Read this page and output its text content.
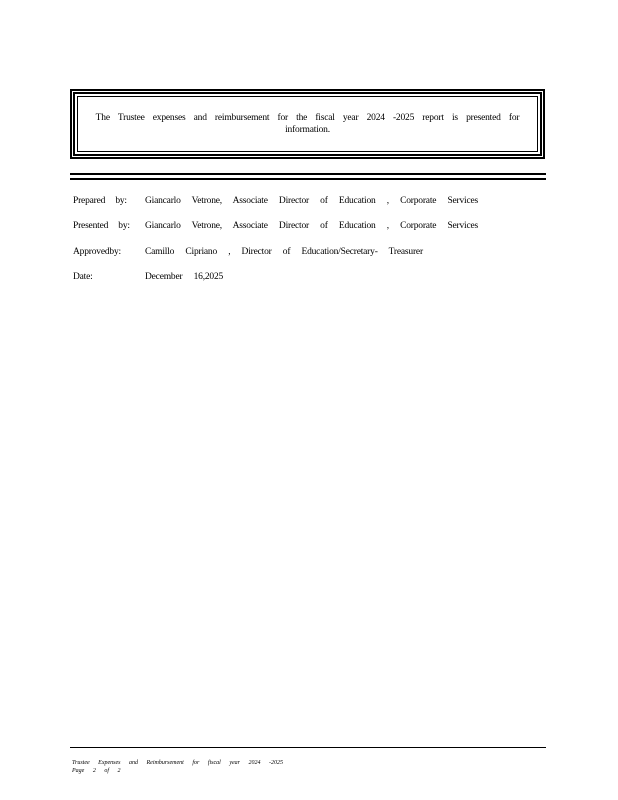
The Trustee expenses and reimbursement for the fiscal year 2024 -2025 report is presented for information.
Prepared by: Giancarlo Vetrone, Associate Director of Education , Corporate Services
Presented by: Giancarlo Vetrone, Associate Director of Education , Corporate Services
Approvedby:	Camillo Cipriano , Director of Education/Secretary- Treasurer
Date:	December 16,2025
Trustee Expenses and Reimbursement for fiscal year 2024 -2025
Page 2 of 2
